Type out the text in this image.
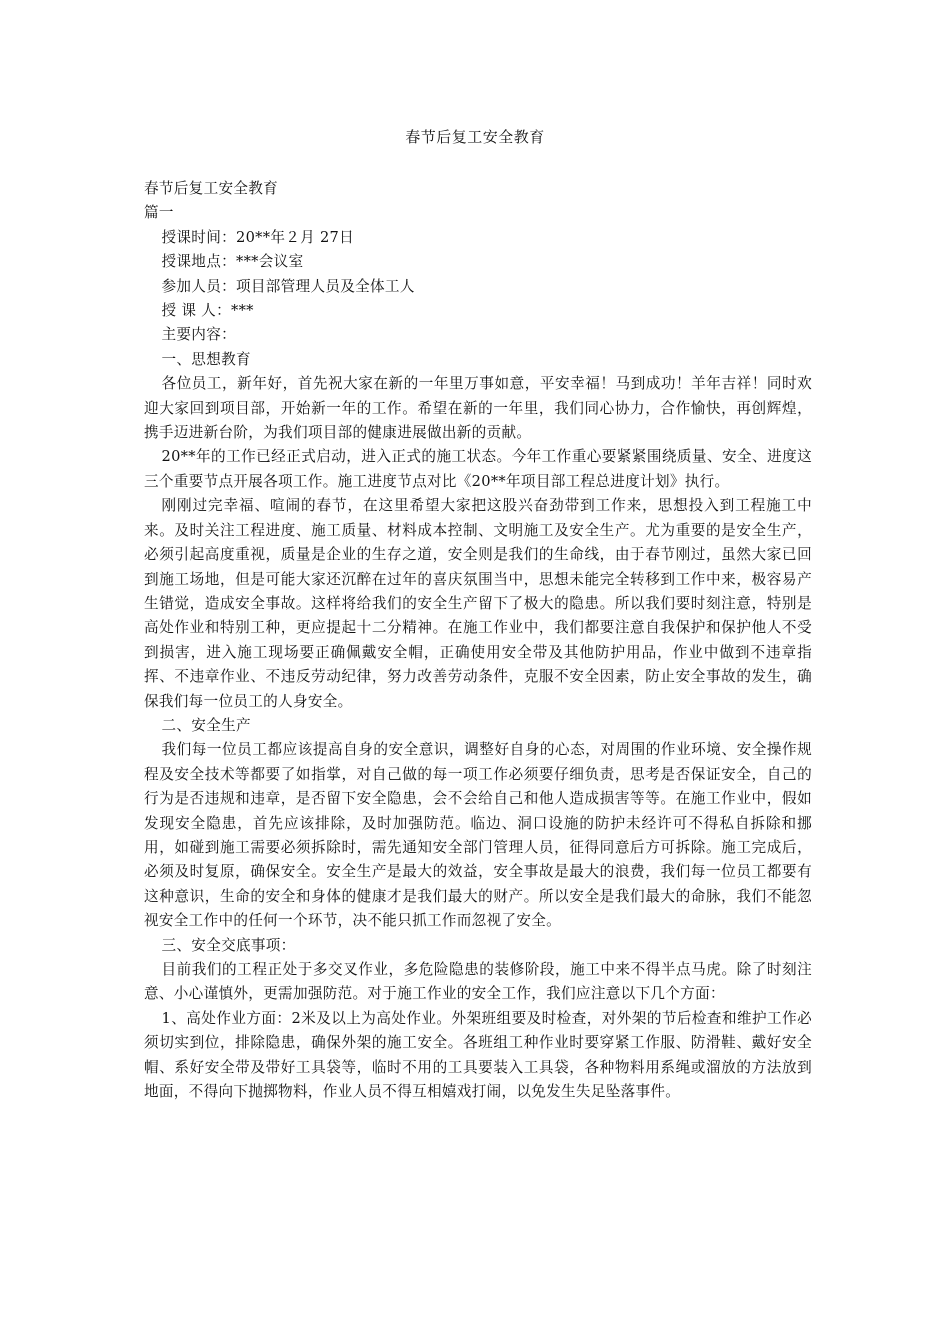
春节后复工安全教育

春节后复工安全教育

篇一

授课时间：20**年２月 27日

授课地点：***会议室

参加人员：项目部管理人员及全体工人

授 课 人：***

主要内容：

一、思想教育

各位员工，新年好，首先祝大家在新的一年里万事如意，平安幸福！马到成功！羊年吉祥！同时欢迎大家回到项目部，开始新一年的工作。希望在新的一年里，我们同心协力，合作愉快，再创辉煌，携手迈进新台阶，为我们项目部的健康进展做出新的贡献。

20**年的工作已经正式启动，进入正式的施工状态。今年工作重心要紧紧围绕质量、安全、进度这三个重要节点开展各项工作。施工进度节点对比《20**年项目部工程总进度计划》执行。

刚刚过完幸福、喧闹的春节，在这里希望大家把这股兴奋劲带到工作来，思想投入到工程施工中来。及时关注工程进度、施工质量、材料成本控制、文明施工及安全生产。尤为重要的是安全生产，必须引起高度重视，质量是企业的生存之道，安全则是我们的生命线，由于春节刚过，虽然大家已回到施工场地，但是可能大家还沉醉在过年的喜庆氛围当中，思想未能完全转移到工作中来，极容易产生错觉，造成安全事故。这样将给我们的安全生产留下了极大的隐患。所以我们要时刻注意，特别是高处作业和特别工种，更应提起十二分精神。在施工作业中，我们都要注意自我保护和保护他人不受到损害，进入施工现场要正确佩戴安全帽，正确使用安全带及其他防护用品，作业中做到不违章指挥、不违章作业、不违反劳动纪律，努力改善劳动条件，克服不安全因素，防止安全事故的发生，确保我们每一位员工的人身安全。

二、安全生产

我们每一位员工都应该提高自身的安全意识，调整好自身的心态，对周围的作业环境、安全操作规程及安全技术等都要了如指掌，对自己做的每一项工作必须要仔细负责，思考是否保证安全，自己的行为是否违规和违章，是否留下安全隐患，会不会给自己和他人造成损害等等。在施工作业中，假如发现安全隐患，首先应该排除，及时加强防范。临边、洞口设施的防护未经许可不得私自拆除和挪用，如碰到施工需要必须拆除时，需先通知安全部门管理人员，征得同意后方可拆除。施工完成后，必须及时复原，确保安全。安全生产是最大的效益，安全事故是最大的浪费，我们每一位员工都要有这种意识，生命的安全和身体的健康才是我们最大的财产。所以安全是我们最大的命脉，我们不能忽视安全工作中的任何一个环节，决不能只抓工作而忽视了安全。

三、安全交底事项：

目前我们的工程正处于多交叉作业，多危险隐患的装修阶段，施工中来不得半点马虎。除了时刻注意、小心谨慎外，更需加强防范。对于施工作业的安全工作，我们应注意以下几个方面：

1、高处作业方面：2米及以上为高处作业。外架班组要及时检查，对外架的节后检查和维护工作必须切实到位，排除隐患，确保外架的施工安全。各班组工种作业时要穿紧工作服、防滑鞋、戴好安全帽、系好安全带及带好工具袋等，临时不用的工具要装入工具袋，各种物料用系绳或溜放的方法放到地面，不得向下抛掷物料，作业人员不得互相嬉戏打闹，以免发生失足坠落事件。
